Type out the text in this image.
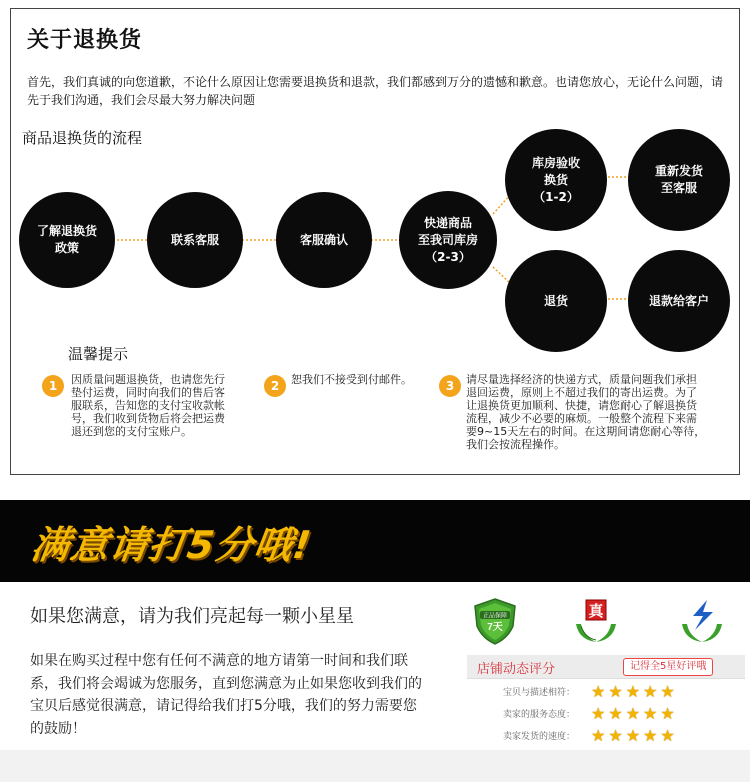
关于退换货
首先，我们真诚的向您道歉，不论什么原因让您需要退换货和退款，我们都感到万分的遗憾和歉意。也请您放心，无论什么问题，请先于我们沟通，我们会尽最大努力解决问题
商品退换货的流程
了解退换货
政策
联系客服	客服确认
快递商品
至我司库房
（2-3）
库房验收
换货
（1-2）
重新发货
至客服
退货	退款给客户
温馨提示
1	因质量问题退换货，也请您先行
垫付运费，同时向我们的售后客
服联系，告知您的支付宝收款帐
号，我们收到货物后将会把运费
退还到您的支付宝账户。
2	恕我们不接受到付邮件。	3	请尽量选择经济的快递方式，质量问题我们承担
退回运费，原则上不超过我们的寄出运费。为了
让退换货更加顺利、快捷，请您耐心了解退换货
流程，减少不必要的麻烦。一般整个流程下来需
要9~15天左右的时间。在这期间请您耐心等待，
我们会按流程操作。
满意请打5分哦!
如果您满意，请为我们亮起每一颗小星星
如果在购买过程中您有任何不满意的地方请第一时间和我们联系，我们将会竭诚为您服务，直到您满意为止如果您收到我们的宝贝后感觉很满意，请记得给我们打5分哦，我们的努力需要您的鼓励！
正品保障
7天
真
店铺动态评分	记得全5星好评哦
宝贝与描述相符： ★★★★★
卖家的服务态度： ★★★★★
卖家发货的速度： ★★★★★
